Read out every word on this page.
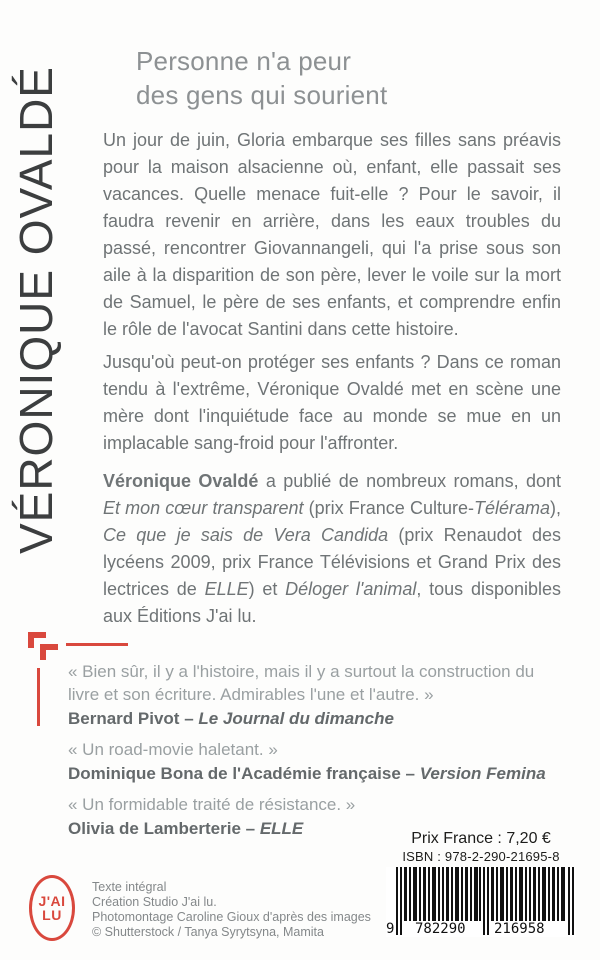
VÉRONIQUE OVALDÉ
Personne n'a peur
des gens qui sourient

Un jour de juin, Gloria embarque ses filles sans préavis pour la maison alsacienne où, enfant, elle passait ses vacances. Quelle menace fuit-elle ? Pour le savoir, il faudra revenir en arrière, dans les eaux troubles du passé, rencontrer Giovannangeli, qui l'a prise sous son aile à la disparition de son père, lever le voile sur la mort de Samuel, le père de ses enfants, et comprendre enfin le rôle de l'avocat Santini dans cette histoire.

Jusqu'où peut-on protéger ses enfants ? Dans ce roman tendu à l'extrême, Véronique Ovaldé met en scène une mère dont l'inquiétude face au monde se mue en un implacable sang-froid pour l'affronter.

Véronique Ovaldé a publié de nombreux romans, dont Et mon cœur transparent (prix France Culture-Télérama), Ce que je sais de Vera Candida (prix Renaudot des lycéens 2009, prix France Télévisions et Grand Prix des lectrices de ELLE) et Déloger l'animal, tous disponibles aux Éditions J'ai lu.

« Bien sûr, il y a l'histoire, mais il y a surtout la construction du livre et son écriture. Admirables l'une et l'autre. »
Bernard Pivot – Le Journal du dimanche
« Un road-movie haletant. »
Dominique Bona de l'Académie française – Version Femina
« Un formidable traité de résistance. »
Olivia de Lamberterie – ELLE
J'AI
LU
Texte intégral
Création Studio J'ai lu.
Photomontage Caroline Gioux d'après des images
© Shutterstock / Tanya Syrytsyna, Mamita
Prix France : 7,20 €
ISBN : 978-2-290-21695-8
9 782290 216958
